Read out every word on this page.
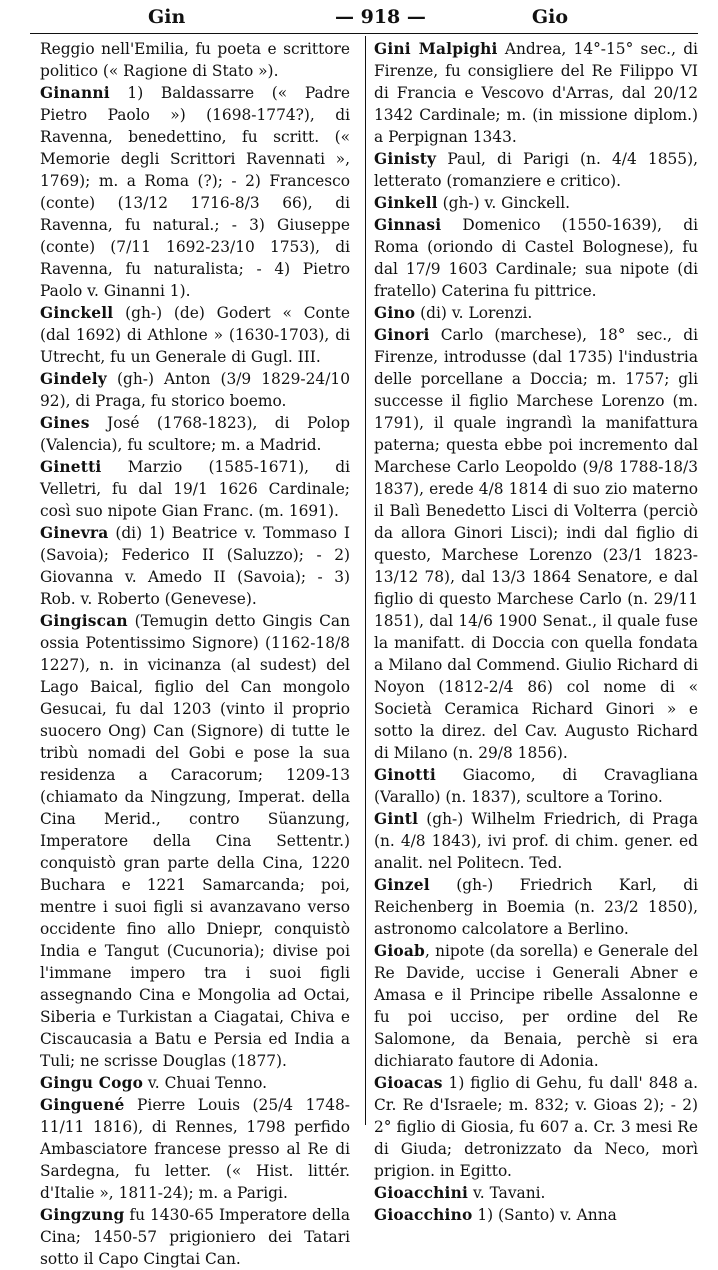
Gin	— 918 —	Gio

Reggio nell'Emilia, fu poeta e scrittore politico (« Ragione di Stato »).

Ginanni 1) Baldassarre (« Padre Pietro Paolo ») (1698-1774?), di Ravenna, benedettino, fu scritt. (« Memorie degli Scrittori Ravennati », 1769); m. a Roma (?); - 2) Francesco (conte) (13/12 1716-8/3 66), di Ravenna, fu natural.; - 3) Giuseppe (conte) (7/11 1692-23/10 1753), di Ravenna, fu naturalista; - 4) Pietro Paolo v. Ginanni 1).

Ginckell (gh-) (de) Godert « Conte (dal 1692) di Athlone » (1630-1703), di Utrecht, fu un Generale di Gugl. III.

Gindely (gh-) Anton (3/9 1829-24/10 92), di Praga, fu storico boemo.

Gines José (1768-1823), di Polop (Valencia), fu scultore; m. a Madrid.

Ginetti Marzio (1585-1671), di Velletri, fu dal 19/1 1626 Cardinale; così suo nipote Gian Franc. (m. 1691).

Ginevra (di) 1) Beatrice v. Tommaso I (Savoia); Federico II (Saluzzo); - 2) Giovanna v. Amedo II (Savoia); - 3) Rob. v. Roberto (Genevese).

Gingiscan (Temugin detto Gingis Can ossia Potentissimo Signore) (1162-18/8 1227), n. in vicinanza (al sudest) del Lago Baical, figlio del Can mongolo Gesucai, fu dal 1203 (vinto il proprio suocero Ong) Can (Signore) di tutte le tribù nomadi del Gobi e pose la sua residenza a Caracorum; 1209-13 (chiamato da Ningzung, Imperat. della Cina Merid., contro Süanzung, Imperatore della Cina Settentr.) conquistò gran parte della Cina, 1220 Buchara e 1221 Samarcanda; poi, mentre i suoi figli si avanzavano verso occidente fino allo Dniepr, conquistò India e Tangut (Cucunoria); divise poi l'immane impero tra i suoi figli assegnando Cina e Mongolia ad Octai, Siberia e Turkistan a Ciagatai, Chiva e Ciscaucasia a Batu e Persia ed India a Tuli; ne scrisse Douglas (1877).

Gingu Cogo v. Chuai Tenno.

Ginguené Pierre Louis (25/4 1748-11/11 1816), di Rennes, 1798 perfido Ambasciatore francese presso al Re di Sardegna, fu letter. (« Hist. littér. d'Italie », 1811-24); m. a Parigi.

Gingzung fu 1430-65 Imperatore della Cina; 1450-57 prigioniero dei Tatari sotto il Capo Cingtai Can.

Gini Malpighi Andrea, 14°-15° sec., di Firenze, fu consigliere del Re Filippo VI di Francia e Vescovo d'Arras, dal 20/12 1342 Cardinale; m. (in missione diplom.) a Perpignan 1343.

Ginisty Paul, di Parigi (n. 4/4 1855), letterato (romanziere e critico).

Ginkell (gh-) v. Ginckell.

Ginnasi Domenico (1550-1639), di Roma (oriondo di Castel Bolognese), fu dal 17/9 1603 Cardinale; sua nipote (di fratello) Caterina fu pittrice.

Gino (di) v. Lorenzi.

Ginori Carlo (marchese), 18° sec., di Firenze, introdusse (dal 1735) l'industria delle porcellane a Doccia; m. 1757; gli successe il figlio Marchese Lorenzo (m. 1791), il quale ingrandì la manifattura paterna; questa ebbe poi incremento dal Marchese Carlo Leopoldo (9/8 1788-18/3 1837), erede 4/8 1814 di suo zio materno il Balì Benedetto Lisci di Volterra (perciò da allora Ginori Lisci); indi dal figlio di questo, Marchese Lorenzo (23/1 1823-13/12 78), dal 13/3 1864 Senatore, e dal figlio di questo Marchese Carlo (n. 29/11 1851), dal 14/6 1900 Senat., il quale fuse la manifatt. di Doccia con quella fondata a Milano dal Commend. Giulio Richard di Noyon (1812-2/4 86) col nome di « Società Ceramica Richard Ginori » e sotto la direz. del Cav. Augusto Richard di Milano (n. 29/8 1856).

Ginotti Giacomo, di Cravagliana (Varallo) (n. 1837), scultore a Torino.

Gintl (gh-) Wilhelm Friedrich, di Praga (n. 4/8 1843), ivi prof. di chim. gener. ed analit. nel Politecn. Ted.

Ginzel (gh-) Friedrich Karl, di Reichenberg in Boemia (n. 23/2 1850), astronomo calcolatore a Berlino.

Gioab, nipote (da sorella) e Generale del Re Davide, uccise i Generali Abner e Amasa e il Principe ribelle Assalonne e fu poi ucciso, per ordine del Re Salomone, da Benaia, perchè si era dichiarato fautore di Adonia.

Gioacas 1) figlio di Gehu, fu dall' 848 a. Cr. Re d'Israele; m. 832; v. Gioas 2); - 2) 2° figlio di Giosia, fu 607 a. Cr. 3 mesi Re di Giuda; detronizzato da Neco, morì prigion. in Egitto.

Gioacchini v. Tavani.

Gioacchino 1) (Santo) v. Anna
